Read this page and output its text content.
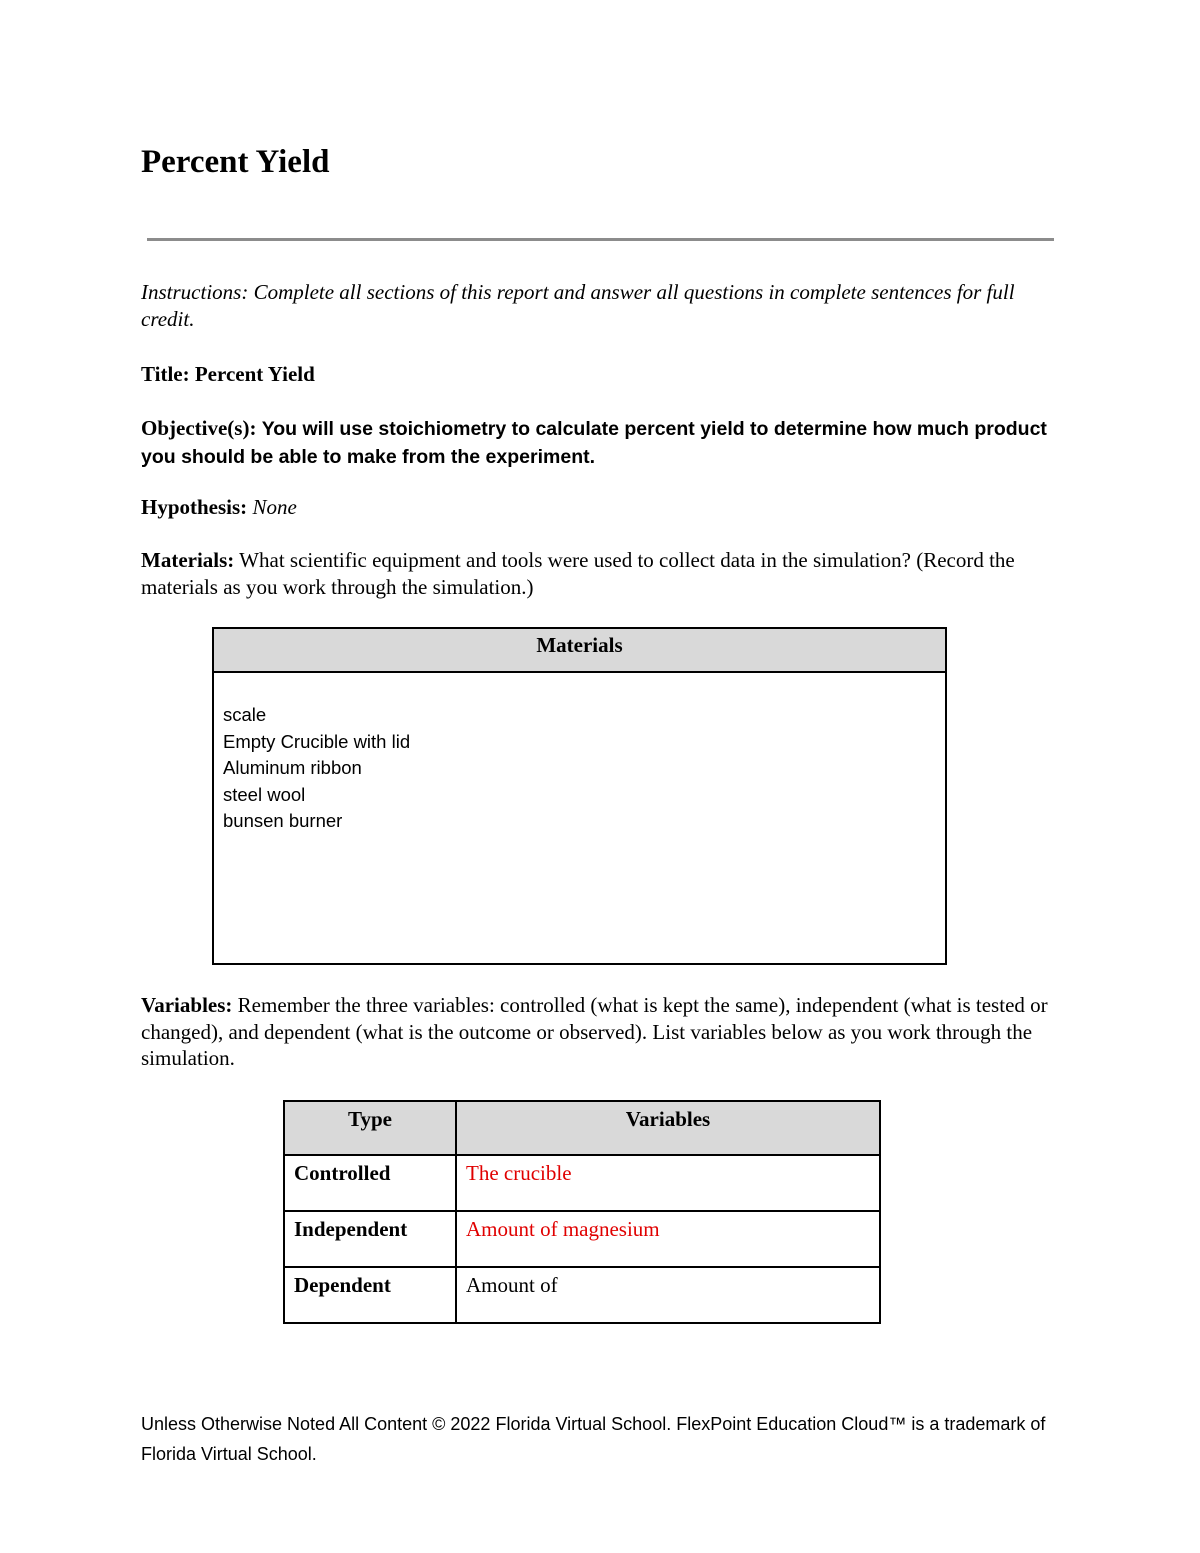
Percent Yield

Instructions: Complete all sections of this report and answer all questions in complete sentences for full credit.

Title: Percent Yield

Objective(s): You will use stoichiometry to calculate percent yield to determine how much product you should be able to make from the experiment.

Hypothesis: None

Materials: What scientific equipment and tools were used to collect data in the simulation? (Record the materials as you work through the simulation.)

Materials
scale
Empty Crucible with lid
Aluminum ribbon
steel wool
bunsen burner

Variables: Remember the three variables: controlled (what is kept the same), independent (what is tested or changed), and dependent (what is the outcome or observed). List variables below as you work through the simulation.

Type	Variables
Controlled	The crucible
Independent	Amount of magnesium
Dependent	Amount of

Unless Otherwise Noted All Content © 2022 Florida Virtual School. FlexPoint Education Cloud™ is a trademark of Florida Virtual School.
